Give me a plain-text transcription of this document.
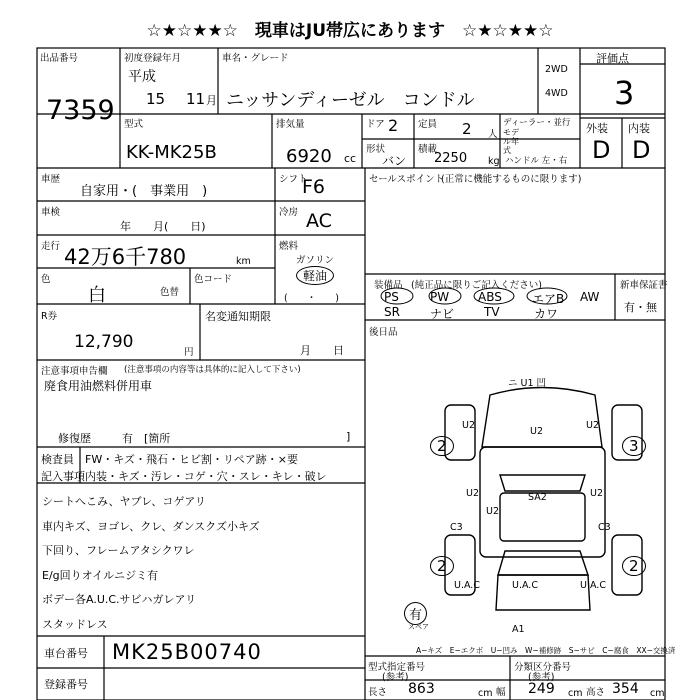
☆★☆★★☆　現車はJU帯広にあります　☆★☆★★☆
出品番号
7359
初度登録年月
平成
15 11 月
車名・グレード
ニッサンディーゼル　コンドル
2WD
4WD
評価点
3
型式
KK-MK25B
排気量
6920 cc
ドア 2 定員 2 人
ディーラー・並行
モデル年式
形状
バン
積載
2250 kg ハンドル 左・右
外装 内装
D D
車歴
自家用・(　事業用　)
シフト
F6
車検
年　　月(　　日)
冷房 AC
走行 42万6千780	km
燃料
ガソリン
軽油
(　　・　　)
色
白	色替
色コード
R券
12,790
円
名変通知期限
月　　日
注意事項申告欄 (注意事項の内容等は具体的に記入して下さい)
廃食用油燃料併用車
修復歴	有　[箇所	]
検査員
記入事項
FW・キズ・飛石・ヒビ割・リペア跡・×要
内装・キズ・汚レ・コゲ・穴・スレ・キレ・破レ
シートへこみ、ヤブレ、コゲアリ
車内キズ、ヨゴレ、クレ、ダンスクズ小キズ
下回り、フレームアタシクワレ
E/g回りオイルニジミ有
ボデー各A.U.C.サビハガレアリ
スタッドレス
車台番号 MK25B00740
登録番号
セールスポイント
(正常に機能するものに限ります)
装備品 (純正品に限りご記入ください)	新車保証書
有・無
PS	PW ABS	エアB AW
SR	ナビ TV	カワ
後日品
ニ U1 凹
U2
U2	U2
U2	U2
U2
SA2
C3	C3
U.A.C	U.A.C	U.A.C
2	3
2	2
有
スペア	A1
A−キズ　E−エクボ　U−凹み　W−補修跡　S−サビ　C−腐食　XX−交換済
型式指定番号
(参考)
分類区分番号
(参考)
長さ 863	cm 幅 249 cm 高さ 354 cm
